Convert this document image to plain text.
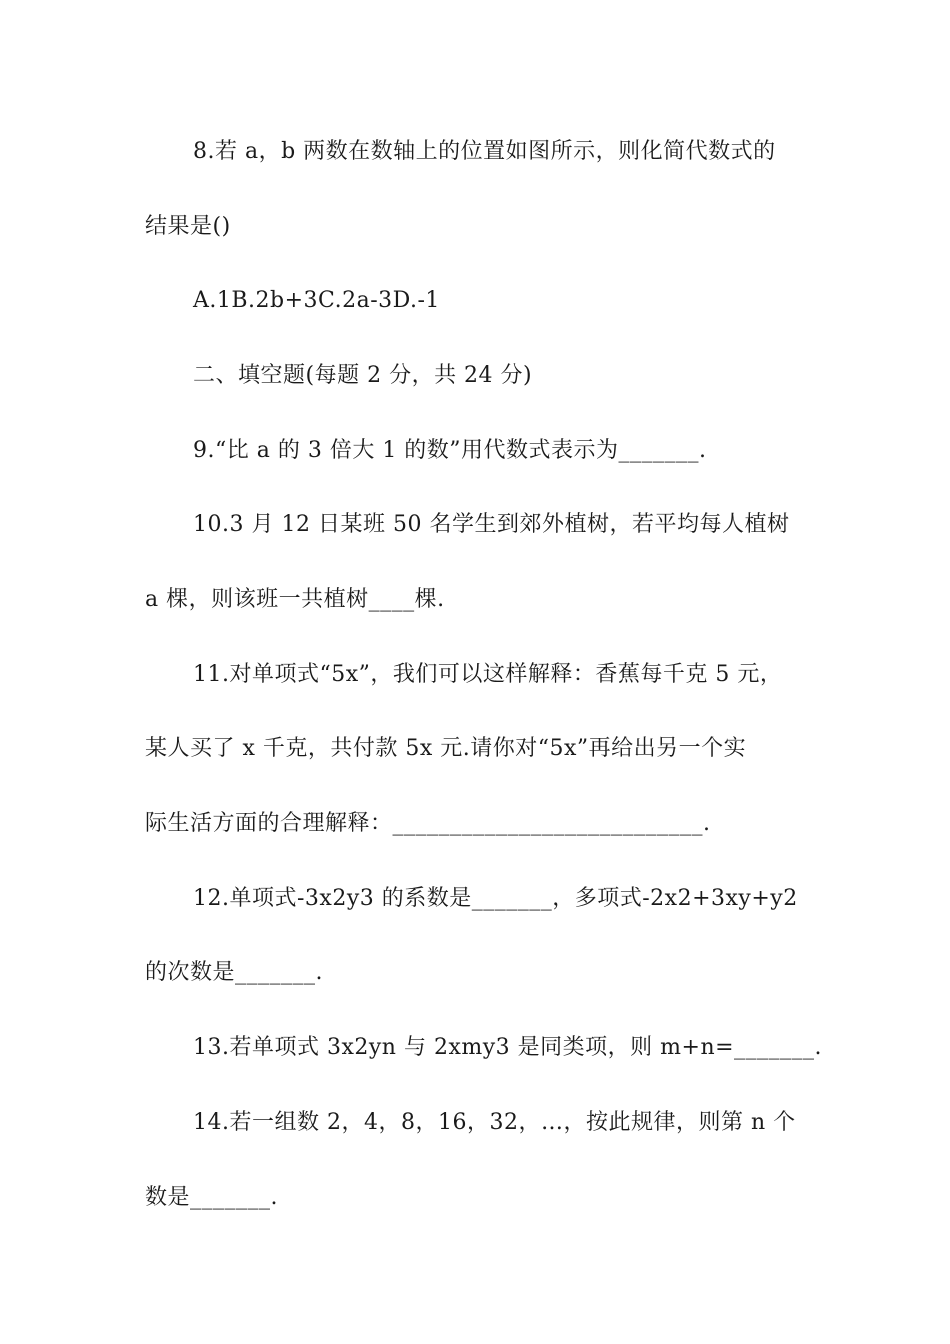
8.若 a，b 两数在数轴上的位置如图所示，则化简代数式的
结果是()
A.1B.2b+3C.2a-3D.-1
二、填空题(每题 2 分，共 24 分)
9.“比 a 的 3 倍大 1 的数”用代数式表示为_______.
10.3 月 12 日某班 50 名学生到郊外植树，若平均每人植树
a 棵，则该班一共植树____棵.
11.对单项式“5x”，我们可以这样解释：香蕉每千克 5 元，
某人买了 x 千克，共付款 5x 元.请你对“5x”再给出另一个实
际生活方面的合理解释：___________________________.
12.单项式-3x2y3 的系数是_______，多项式-2x2+3xy+y2
的次数是_______.
13.若单项式 3x2yn 与 2xmy3 是同类项，则 m+n=_______.
14.若一组数 2，4，8，16，32，…，按此规律，则第 n 个
数是_______.
